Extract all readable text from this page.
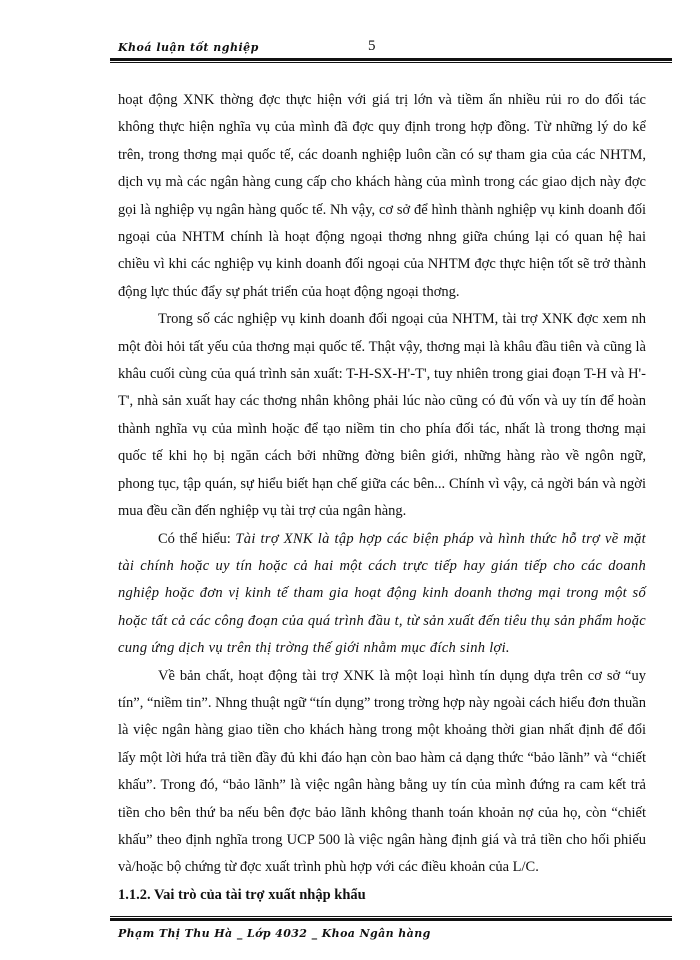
Khoá luận tốt nghiệp	5

hoạt động XNK thờng đợc thực hiện với giá trị lớn và tiềm ẩn nhiều rủi ro do đối tác không thực hiện nghĩa vụ của mình đã đợc quy định trong hợp đồng. Từ những lý do kể trên, trong thơng mại quốc tế, các doanh nghiệp luôn cần có sự tham gia của các NHTM, dịch vụ mà các ngân hàng cung cấp cho khách hàng của mình trong các giao dịch này đợc gọi là nghiệp vụ ngân hàng quốc tế. Nh vậy, cơ sở để hình thành nghiệp vụ kinh doanh đối ngoại của NHTM chính là hoạt động ngoại thơng nhng giữa chúng lại có quan hệ hai chiều vì khi các nghiệp vụ kinh doanh đối ngoại của NHTM đợc thực hiện tốt sẽ trở thành động lực thúc đẩy sự phát triển của hoạt động ngoại thơng.

Trong số các nghiệp vụ kinh doanh đối ngoại của NHTM, tài trợ XNK đợc xem nh một đòi hỏi tất yếu của thơng mại quốc tế. Thật vậy, thơng mại là khâu đầu tiên và cũng là khâu cuối cùng của quá trình sản xuất: T-H-SX-H'-T', tuy nhiên trong giai đoạn T-H và H'-T', nhà sản xuất hay các thơng nhân không phải lúc nào cũng có đủ vốn và uy tín để hoàn thành nghĩa vụ của mình hoặc để tạo niềm tin cho phía đối tác, nhất là trong thơng mại quốc tế khi họ bị ngăn cách bởi những đờng biên giới, những hàng rào về ngôn ngữ, phong tục, tập quán, sự hiểu biết hạn chế giữa các bên... Chính vì vậy, cả ngời bán và ngời mua đều cần đến nghiệp vụ tài trợ của ngân hàng.

Có thể hiểu: Tài trợ XNK là tập hợp các biện pháp và hình thức hỗ trợ về mặt tài chính hoặc uy tín hoặc cả hai một cách trực tiếp hay gián tiếp cho các doanh nghiệp hoặc đơn vị kinh tế tham gia hoạt động kinh doanh thơng mại trong một số hoặc tất cả các công đoạn của quá trình đầu t, từ sản xuất đến tiêu thụ sản phẩm hoặc cung ứng dịch vụ trên thị trờng thế giới nhằm mục đích sinh lợi.

Về bản chất, hoạt động tài trợ XNK là một loại hình tín dụng dựa trên cơ sở “uy tín”, “niềm tin”. Nhng thuật ngữ “tín dụng” trong trờng hợp này ngoài cách hiểu đơn thuần là việc ngân hàng giao tiền cho khách hàng trong một khoảng thời gian nhất định để đổi lấy một lời hứa trả tiền đầy đủ khi đáo hạn còn bao hàm cả dạng thức “bảo lãnh” và “chiết khấu”. Trong đó, “bảo lãnh” là việc ngân hàng bằng uy tín của mình đứng ra cam kết trả tiền cho bên thứ ba nếu bên đợc bảo lãnh không thanh toán khoản nợ của họ, còn “chiết khấu” theo định nghĩa trong UCP 500 là việc ngân hàng định giá và trả tiền cho hối phiếu và/hoặc bộ chứng từ đợc xuất trình phù hợp với các điều khoản của L/C.

1.1.2. Vai trò của tài trợ xuất nhập khẩu

Phạm Thị Thu Hà _ Lớp 4032 _ Khoa Ngân hàng
